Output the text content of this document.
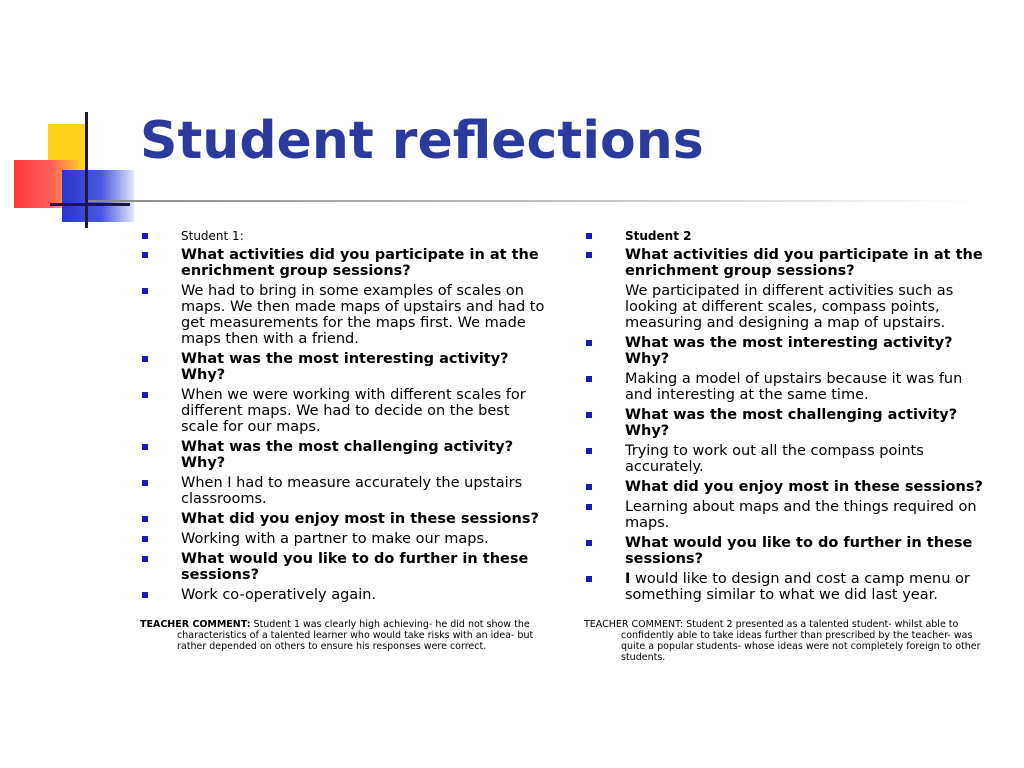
Student reflections
Student 1:
What activities did you participate in at the enrichment group sessions?
We had to bring in some examples of scales on maps. We then made maps of upstairs and had to get measurements for the maps first. We made maps then with a friend.
What was the most interesting activity? Why?
When we were working with different scales for different maps. We had to decide on the best scale for our maps.
What was the most challenging activity? Why?
When I had to measure accurately the upstairs classrooms.
What did you enjoy most in these sessions?
Working with a partner to make our maps.
What would you like to do further in these sessions?
Work co-operatively again.

TEACHER COMMENT: Student 1 was clearly high achieving- he did not show the characteristics of a talented learner who would take risks with an idea- but rather depended on others to ensure his responses were correct.

Student 2
What activities did you participate in at the enrichment group sessions?
We participated in different activities such as looking at different scales, compass points, measuring and designing a map of upstairs.
What was the most interesting activity? Why?
Making a model of upstairs because it was fun and interesting at the same time.
What was the most challenging activity? Why?
Trying to work out all the compass points accurately.
What did you enjoy most in these sessions?
Learning about maps and the things required on maps.
What would you like to do further in these sessions?
I would like to design and cost a camp menu or something similar to what we did last year.

TEACHER COMMENT: Student 2 presented as a talented student- whilst able to confidently able to take ideas further than prescribed by the teacher- was quite a popular students- whose ideas were not completely foreign to other students.
